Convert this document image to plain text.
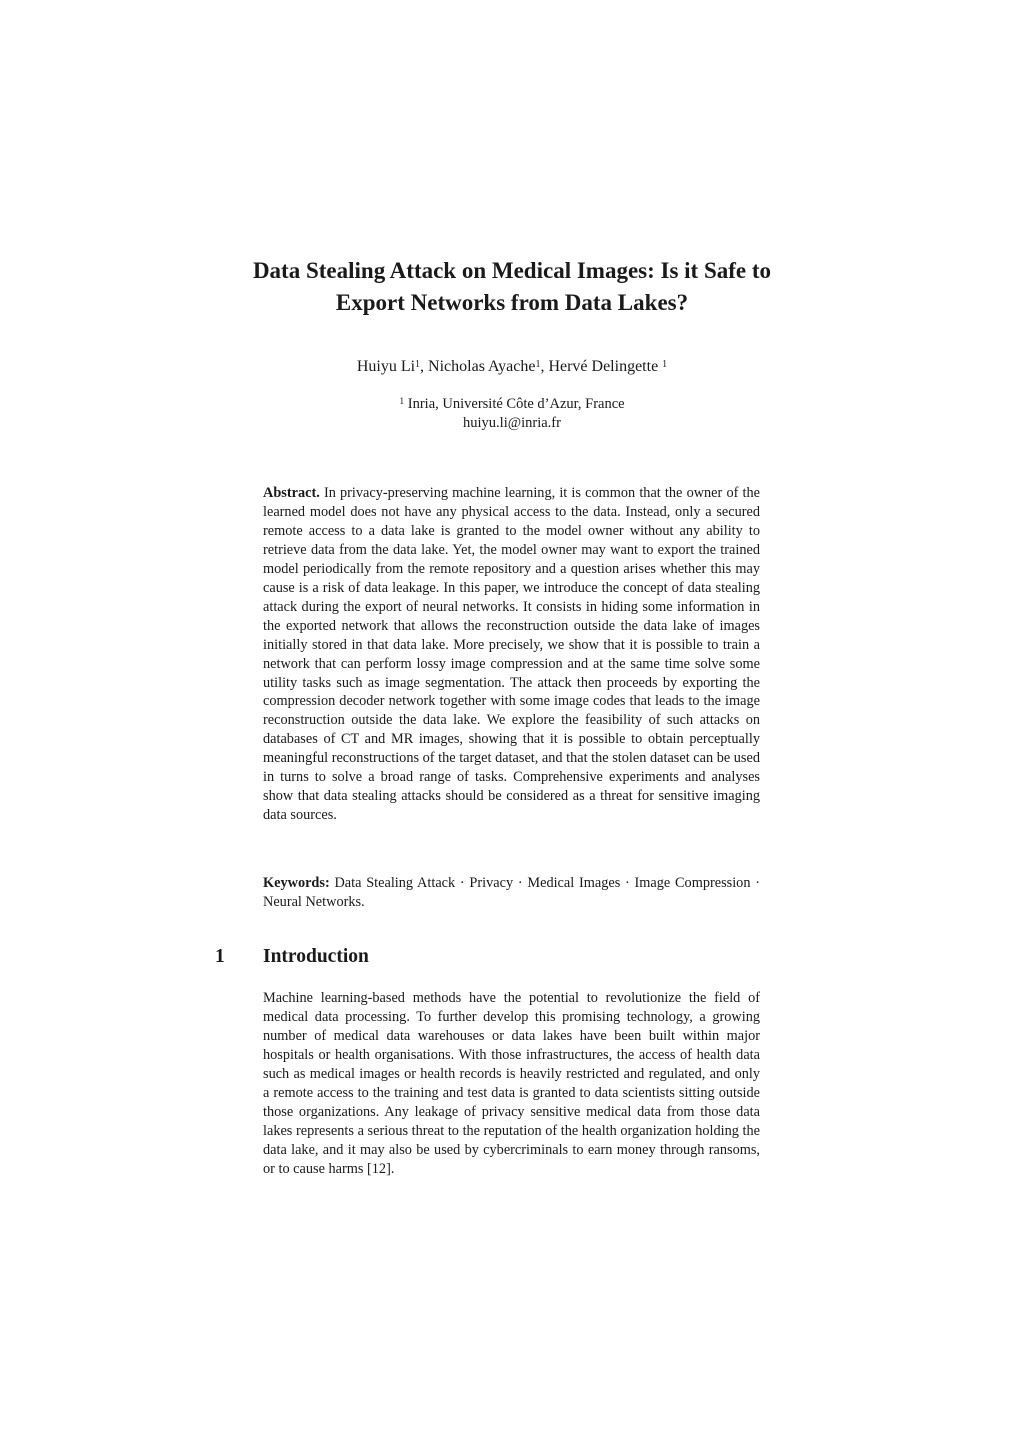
Data Stealing Attack on Medical Images: Is it Safe to
Export Networks from Data Lakes?
Huiyu Li$^1$, Nicholas Ayache$^1$, Hervé Delingette $^1$
$^1$ Inria, Université Côte d’Azur, France
huiyu.li@inria.fr

Abstract. In privacy-preserving machine learning, it is common that the owner of the learned model does not have any physical access to the data. Instead, only a secured remote access to a data lake is granted to the model owner without any ability to retrieve data from the data lake. Yet, the model owner may want to export the trained model periodically from the remote repository and a question arises whether this may cause is a risk of data leakage. In this paper, we introduce the concept of data stealing attack during the export of neural networks. It consists in hiding some information in the exported network that allows the reconstruction outside the data lake of images initially stored in that data lake. More precisely, we show that it is possible to train a network that can perform lossy image compression and at the same time solve some utility tasks such as image segmentation. The attack then proceeds by exporting the compression decoder network together with some image codes that leads to the image reconstruction outside the data lake. We explore the feasibility of such attacks on databases of CT and MR images, showing that it is possible to obtain perceptually meaningful reconstructions of the target dataset, and that the stolen dataset can be used in turns to solve a broad range of tasks. Comprehensive experiments and analyses show that data stealing attacks should be considered as a threat for sensitive imaging data sources.

Keywords: Data Stealing Attack · Privacy · Medical Images · Image Compression · Neural Networks.

1 Introduction

Machine learning-based methods have the potential to revolutionize the field of medical data processing. To further develop this promising technology, a growing number of medical data warehouses or data lakes have been built within major hospitals or health organisations. With those infrastructures, the access of health data such as medical images or health records is heavily restricted and regulated, and only a remote access to the training and test data is granted to data scientists sitting outside those organizations. Any leakage of privacy sensitive medical data from those data lakes represents a serious threat to the reputation of the health organization holding the data lake, and it may also be used by cybercriminals to earn money through ransoms, or to cause harms [12].
